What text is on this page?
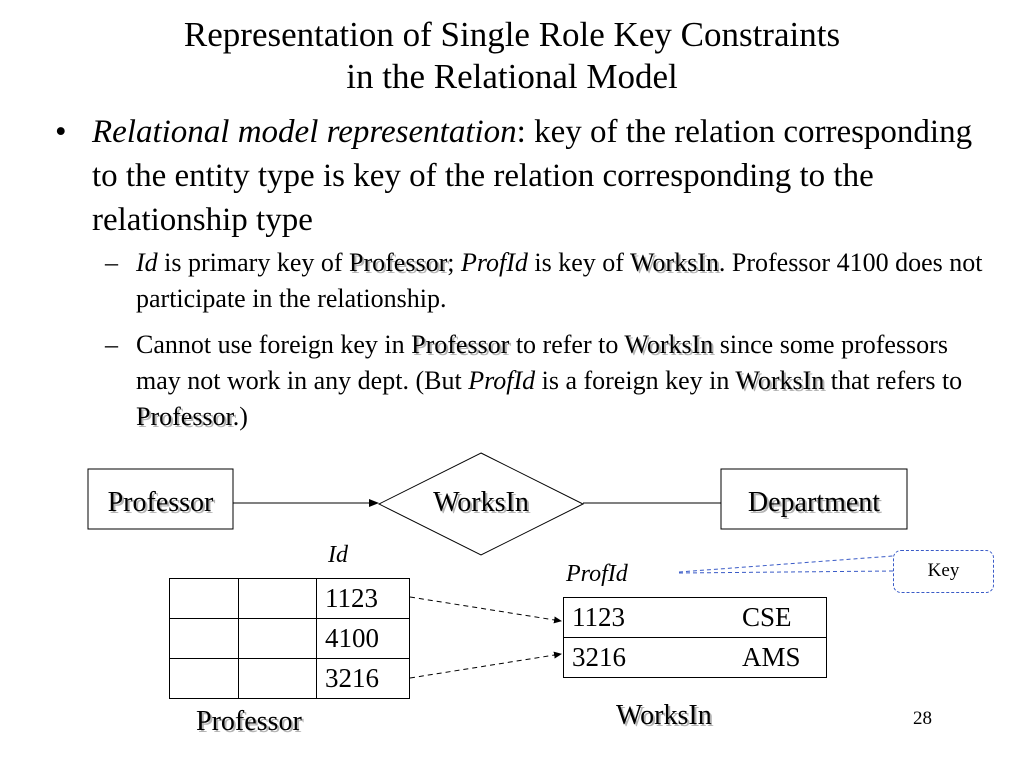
Representation of Single Role Key Constraints
in the Relational Model
• Relational model representation: key of the relation corresponding to the entity type is key of the relation corresponding to the relationship type
– Id is primary key of Professor; ProfId is key of WorksIn. Professor 4100 does not participate in the relationship.
– Cannot use foreign key in Professor to refer to WorksIn since some professors may not work in any dept. (But ProfId is a foreign key in WorksIn that refers to Professor.)
Professor	WorksIn	Department
Id
		1123
		4100
		3216
Professor
ProfId
1123		CSE
3216		AMS
WorksIn
Key
28
